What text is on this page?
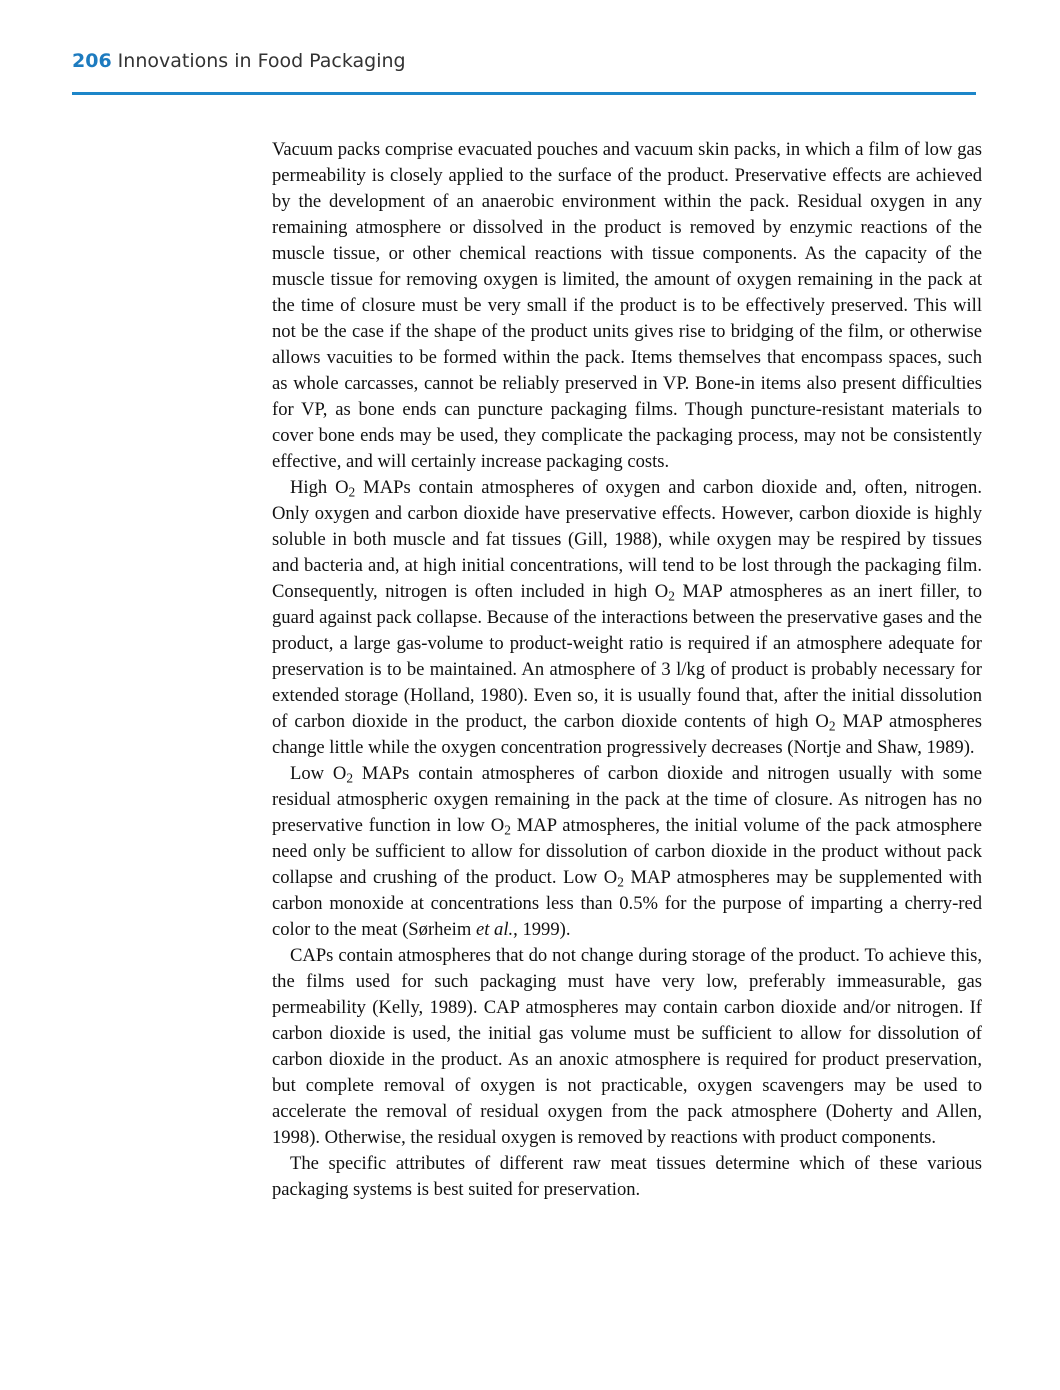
206 Innovations in Food Packaging

Vacuum packs comprise evacuated pouches and vacuum skin packs, in which a film of low gas permeability is closely applied to the surface of the product. Preservative effects are achieved by the development of an anaerobic environment within the pack. Residual oxygen in any remaining atmosphere or dissolved in the product is removed by enzymic reactions of the muscle tissue, or other chemical reactions with tissue components. As the capacity of the muscle tissue for removing oxygen is limited, the amount of oxygen remaining in the pack at the time of closure must be very small if the product is to be effectively preserved. This will not be the case if the shape of the product units gives rise to bridging of the film, or otherwise allows vacuities to be formed within the pack. Items themselves that encompass spaces, such as whole carcasses, cannot be reliably preserved in VP. Bone-in items also present difficulties for VP, as bone ends can puncture packaging films. Though puncture-resistant materials to cover bone ends may be used, they complicate the packaging process, may not be consistently effective, and will certainly increase packaging costs.

High $O_2$ MAPs contain atmospheres of oxygen and carbon dioxide and, often, nitrogen. Only oxygen and carbon dioxide have preservative effects. However, carbon dioxide is highly soluble in both muscle and fat tissues (Gill, 1988), while oxygen may be respired by tissues and bacteria and, at high initial concentrations, will tend to be lost through the packaging film. Consequently, nitrogen is often included in high $O_2$ MAP atmospheres as an inert filler, to guard against pack collapse. Because of the interactions between the preservative gases and the product, a large gas-volume to product-weight ratio is required if an atmosphere adequate for preservation is to be maintained. An atmosphere of 3 l/kg of product is probably necessary for extended storage (Holland, 1980). Even so, it is usually found that, after the initial dissolution of carbon dioxide in the product, the carbon dioxide contents of high $O_2$ MAP atmospheres change little while the oxygen concentration progressively decreases (Nortje and Shaw, 1989).

Low $O_2$ MAPs contain atmospheres of carbon dioxide and nitrogen usually with some residual atmospheric oxygen remaining in the pack at the time of closure. As nitrogen has no preservative function in low $O_2$ MAP atmospheres, the initial volume of the pack atmosphere need only be sufficient to allow for dissolution of carbon dioxide in the product without pack collapse and crushing of the product. Low $O_2$ MAP atmospheres may be supplemented with carbon monoxide at concentrations less than 0.5% for the purpose of imparting a cherry-red color to the meat (Sørheim et al., 1999).

CAPs contain atmospheres that do not change during storage of the product. To achieve this, the films used for such packaging must have very low, preferably immeasurable, gas permeability (Kelly, 1989). CAP atmospheres may contain carbon dioxide and/or nitrogen. If carbon dioxide is used, the initial gas volume must be sufficient to allow for dissolution of carbon dioxide in the product. As an anoxic atmosphere is required for product preservation, but complete removal of oxygen is not practicable, oxygen scavengers may be used to accelerate the removal of residual oxygen from the pack atmosphere (Doherty and Allen, 1998). Otherwise, the residual oxygen is removed by reactions with product components.

The specific attributes of different raw meat tissues determine which of these various packaging systems is best suited for preservation.
